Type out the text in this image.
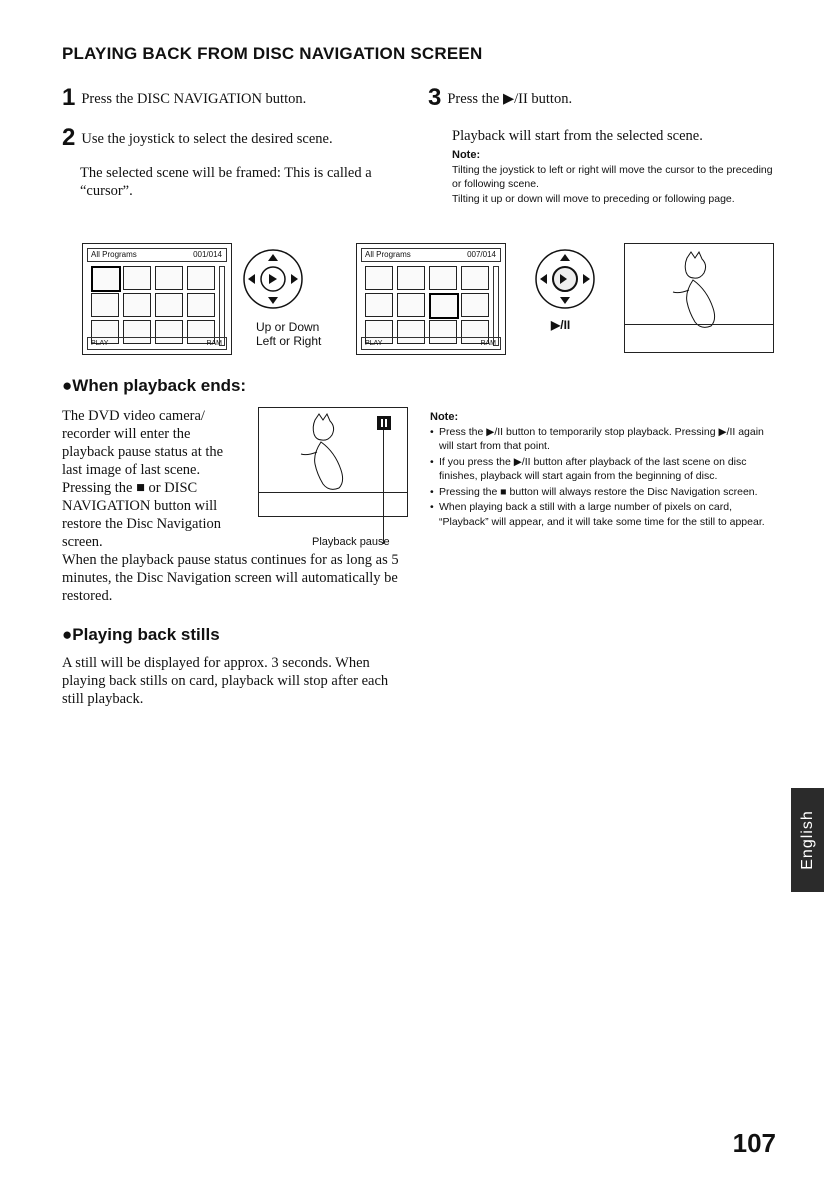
PLAYING BACK FROM DISC NAVIGATION SCREEN
1 Press the DISC NAVIGATION button.
2 Use the joystick to select the desired scene.
The selected scene will be framed: This is called a “cursor”.
3 Press the ▶/II button.
Playback will start from the selected scene.
Note:
Tilting the joystick to left or right will move the cursor to the preceding or following scene.
Tilting it up or down will move to preceding or following page.
All Programs	001/014
PLAY	RAM
Up or Down
Left or Right
All Programs	007/014
PLAY	RAM
▶/II
●When playback ends:
The DVD video camera/
recorder will enter the
playback pause status at the
last image of last scene.
Pressing the ■ or DISC
NAVIGATION button will
restore the Disc Navigation
screen.	Playback pause
When the playback pause status continues for as long as 5 minutes, the Disc Navigation screen will automatically be restored.
●Playing back stills
A still will be displayed for approx. 3 seconds. When playing back stills on card, playback will stop after each still playback.
Note:
• Press the ▶/II button to temporarily stop playback. Pressing ▶/II again will start from that point.
• If you press the ▶/II button after playback of the last scene on disc finishes, playback will start again from the beginning of disc.
• Pressing the ■ button will always restore the Disc Navigation screen.
• When playing back a still with a large number of pixels on card, “Playback” will appear, and it will take some time for the still to appear.
English
107
